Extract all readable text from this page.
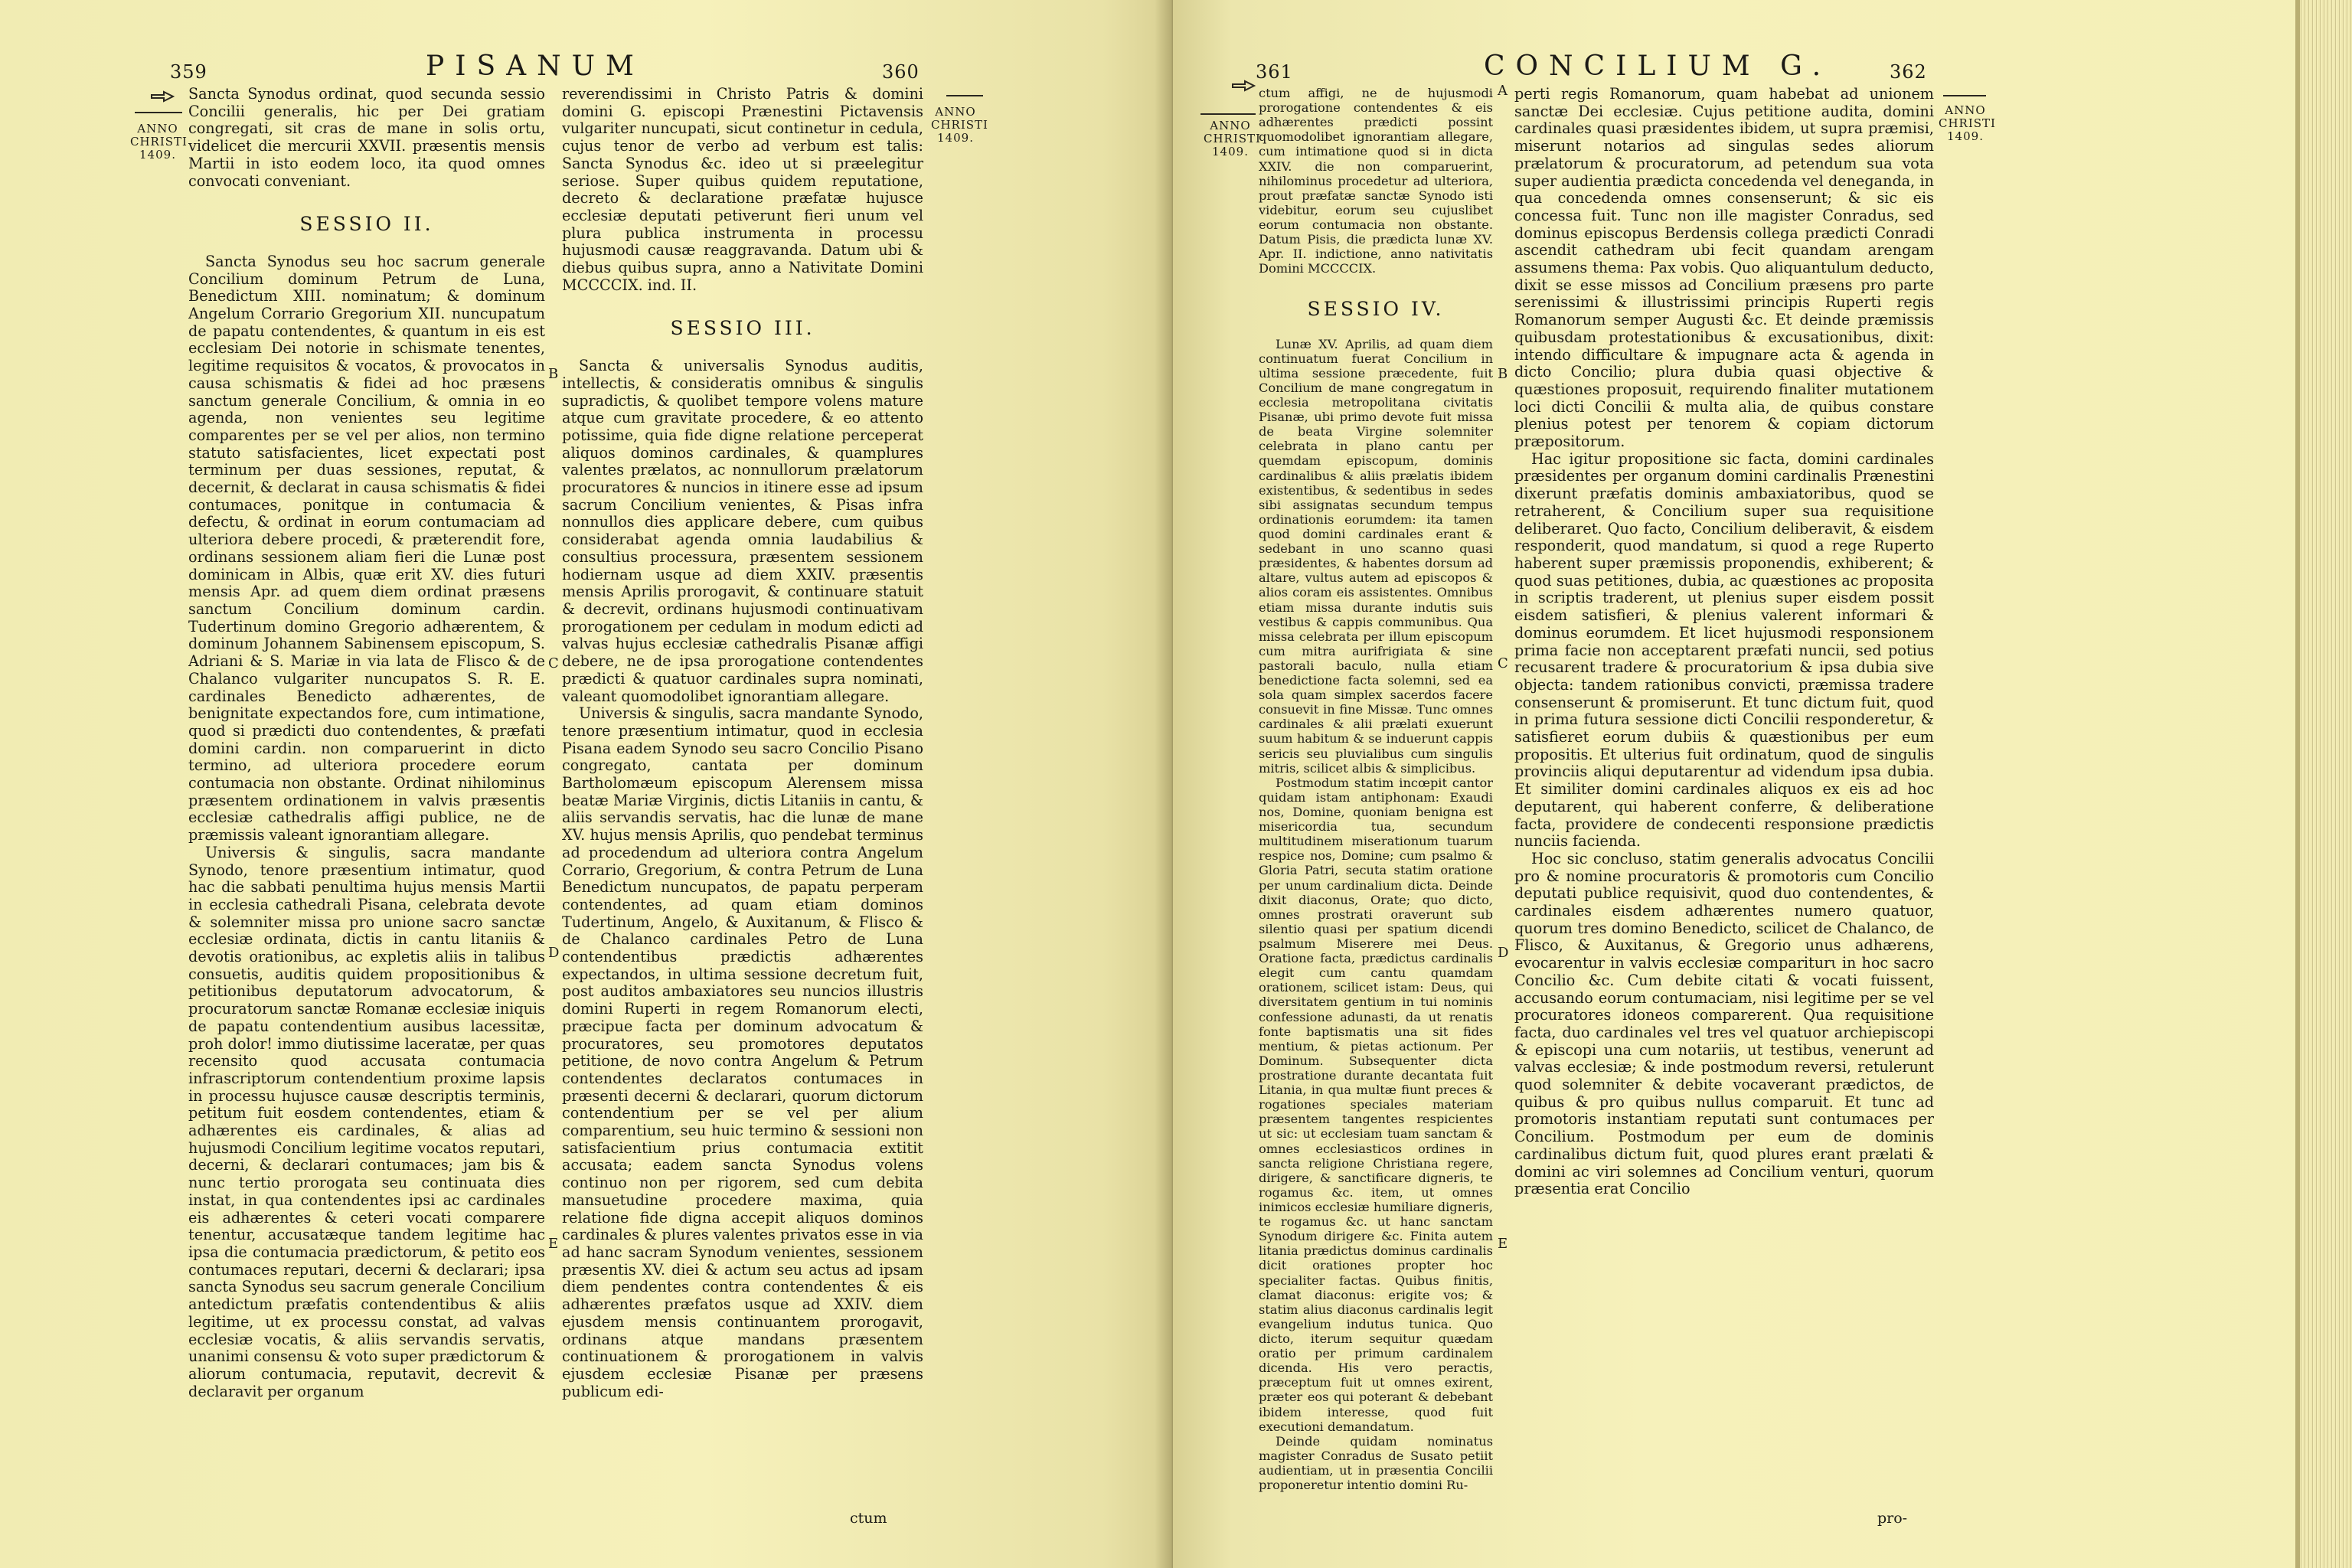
359	PISANUM	360
ANNO
CHRISTI
1409.
ANNO
CHRISTI
1409.
B
C
D
E

Sancta Synodus ordinat, quod secunda sessio Concilii generalis, hic per Dei gratiam congregati, sit cras de mane in solis ortu, videlicet die mercurii XXVII. præsentis mensis Martii in isto eodem loco, ita quod omnes convocati conveniant.

SESSIO II.

Sancta Synodus seu hoc sacrum generale Concilium dominum Petrum de Luna, Benedictum XIII. nominatum; & dominum Angelum Corrario Gregorium XII. nuncupatum de papatu contendentes, & quantum in eis est ecclesiam Dei notorie in schismate tenentes, legitime requisitos & vocatos, & provocatos in causa schismatis & fidei ad hoc præsens sanctum generale Concilium, & omnia in eo agenda, non venientes seu legitime comparentes per se vel per alios, non termino statuto satisfacientes, licet expectati post terminum per duas sessiones, reputat, & decernit, & declarat in causa schismatis & fidei contumaces, ponitque in contumacia & defectu, & ordinat in eorum contumaciam ad ulteriora debere procedi, & præterendit fore, ordinans sessionem aliam fieri die Lunæ post dominicam in Albis, quæ erit XV. dies futuri mensis Apr. ad quem diem ordinat præsens sanctum Concilium dominum cardin. Tudertinum domino Gregorio adhærentem, & dominum Johannem Sabinensem episcopum, S. Adriani & S. Mariæ in via lata de Flisco & de Chalanco vulgariter nuncupatos S. R. E. cardinales Benedicto adhærentes, de benignitate expectandos fore, cum intimatione, quod si prædicti duo contendentes, & præfati domini cardin. non comparuerint in dicto termino, ad ulteriora procedere eorum contumacia non obstante. Ordinat nihilominus præsentem ordinationem in valvis præsentis ecclesiæ cathedralis affigi publice, ne de præmissis valeant ignorantiam allegare.

Universis & singulis, sacra mandante Synodo, tenore præsentium intimatur, quod hac die sabbati penultima hujus mensis Martii in ecclesia cathedrali Pisana, celebrata devote & solemniter missa pro unione sacro sanctæ ecclesiæ ordinata, dictis in cantu litaniis & devotis orationibus, ac expletis aliis in talibus consuetis, auditis quidem propositionibus & petitionibus deputatorum advocatorum, & procuratorum sanctæ Romanæ ecclesiæ iniquis de papatu contendentium ausibus lacessitæ, proh dolor! immo diutissime laceratæ, per quas recensito quod accusata contumacia infrascriptorum contendentium proxime lapsis in processu hujusce causæ descriptis terminis, petitum fuit eosdem contendentes, etiam & adhærentes eis cardinales, & alias ad hujusmodi Concilium legitime vocatos reputari, decerni, & declarari contumaces; jam bis & nunc tertio prorogata seu continuata dies instat, in qua contendentes ipsi ac cardinales eis adhærentes & ceteri vocati comparere tenentur, accusatæque tandem legitime hac ipsa die contumacia prædictorum, & petito eos contumaces reputari, decerni & declarari; ipsa sancta Synodus seu sacrum generale Concilium antedictum præfatis contendentibus & aliis legitime, ut ex processu constat, ad valvas ecclesiæ vocatis, & aliis servandis servatis, unanimi consensu & voto super prædictorum & aliorum contumacia, reputavit, decrevit & declaravit per organum

reverendissimi in Christo Patris & domini domini G. episcopi Prænestini Pictavensis vulgariter nuncupati, sicut continetur in cedula, cujus tenor de verbo ad verbum est talis: Sancta Synodus &c. ideo ut si præelegitur seriose. Super quibus quidem reputatione, decreto & declaratione præfatæ hujusce ecclesiæ deputati petiverunt fieri unum vel plura publica instrumenta in processu hujusmodi causæ reaggravanda. Datum ubi & diebus quibus supra, anno a Nativitate Domini MCCCCIX. ind. II.

SESSIO III.

Sancta & universalis Synodus auditis, intellectis, & consideratis omnibus & singulis supradictis, & quolibet tempore volens mature atque cum gravitate procedere, & eo attento potissime, quia fide digne relatione perceperat aliquos dominos cardinales, & quamplures valentes prælatos, ac nonnullorum prælatorum procuratores & nuncios in itinere esse ad ipsum sacrum Concilium venientes, & Pisas infra nonnullos dies applicare debere, cum quibus considerabat agenda omnia laudabilius & consultius processura, præsentem sessionem hodiernam usque ad diem XXIV. præsentis mensis Aprilis prorogavit, & continuare statuit & decrevit, ordinans hujusmodi continuativam prorogationem per cedulam in modum edicti ad valvas hujus ecclesiæ cathedralis Pisanæ affigi debere, ne de ipsa prorogatione contendentes prædicti & quatuor cardinales supra nominati, valeant quomodolibet ignorantiam allegare.

Universis & singulis, sacra mandante Synodo, tenore præsentium intimatur, quod in ecclesia Pisana eadem Synodo seu sacro Concilio Pisano congregato, cantata per dominum Bartholomæum episcopum Alerensem missa beatæ Mariæ Virginis, dictis Litaniis in cantu, & aliis servandis servatis, hac die lunæ de mane XV. hujus mensis Aprilis, quo pendebat terminus ad procedendum ad ulteriora contra Angelum Corrario, Gregorium, & contra Petrum de Luna Benedictum nuncupatos, de papatu perperam contendentes, ad quam etiam dominos Tudertinum, Angelo, & Auxitanum, & Flisco & de Chalanco cardinales Petro de Luna contendentibus prædictis adhærentes expectandos, in ultima sessione decretum fuit, post auditos ambaxiatores seu nuncios illustris domini Ruperti in regem Romanorum electi, præcipue facta per dominum advocatum & procuratores, seu promotores deputatos petitione, de novo contra Angelum & Petrum contendentes declaratos contumaces in præsenti decerni & declarari, quorum dictorum contendentium per se vel per alium comparentium, seu huic termino & sessioni non satisfacientium prius contumacia extitit accusata; eadem sancta Synodus volens continuo non per rigorem, sed cum debita mansuetudine procedere maxima, quia relatione fide digna accepit aliquos dominos cardinales & plures valentes privatos esse in via ad hanc sacram Synodum venientes, sessionem præsentis XV. diei & actum seu actus ad ipsam diem pendentes contra contendentes & eis adhærentes præfatos usque ad XXIV. diem ejusdem mensis continuantem prorogavit, ordinans atque mandans præsentem continuationem & prorogationem in valvis ejusdem ecclesiæ Pisanæ per præsens publicum edi-

ctum
361	CONCILIUM G.	362
ANNO
CHRISTI
1409.
ANNO
CHRISTI
1409.
A
B
C
D
E

ctum affigi, ne de hujusmodi prorogatione contendentes & eis adhærentes prædicti possint quomodolibet ignorantiam allegare, cum intimatione quod si in dicta XXIV. die non comparuerint, nihilominus procedetur ad ulteriora, prout præfatæ sanctæ Synodo isti videbitur, eorum seu cujuslibet eorum contumacia non obstante. Datum Pisis, die prædicta lunæ XV. Apr. II. indictione, anno nativitatis Domini MCCCCIX.

SESSIO IV.

Lunæ XV. Aprilis, ad quam diem continuatum fuerat Concilium in ultima sessione præcedente, fuit Concilium de mane congregatum in ecclesia metropolitana civitatis Pisanæ, ubi primo devote fuit missa de beata Virgine solemniter celebrata in plano cantu per quemdam episcopum, dominis cardinalibus & aliis prælatis ibidem existentibus, & sedentibus in sedes sibi assignatas secundum tempus ordinationis eorumdem: ita tamen quod domini cardinales erant & sedebant in uno scanno quasi præsidentes, & habentes dorsum ad altare, vultus autem ad episcopos & alios coram eis assistentes. Omnibus etiam missa durante indutis suis vestibus & cappis communibus. Qua missa celebrata per illum episcopum cum mitra aurifrigiata & sine pastorali baculo, nulla etiam benedictione facta solemni, sed ea sola quam simplex sacerdos facere consuevit in fine Missæ. Tunc omnes cardinales & alii prælati exuerunt suum habitum & se induerunt cappis sericis seu pluvialibus cum singulis mitris, scilicet albis & simplicibus.

Postmodum statim incœpit cantor quidam istam antiphonam: Exaudi nos, Domine, quoniam benigna est misericordia tua, secundum multitudinem miserationum tuarum respice nos, Domine; cum psalmo & Gloria Patri, secuta statim oratione per unum cardinalium dicta. Deinde dixit diaconus, Orate; quo dicto, omnes prostrati oraverunt sub silentio quasi per spatium dicendi psalmum Miserere mei Deus. Oratione facta, prædictus cardinalis elegit cum cantu quamdam orationem, scilicet istam: Deus, qui diversitatem gentium in tui nominis confessione adunasti, da ut renatis fonte baptismatis una sit fides mentium, & pietas actionum. Per Dominum. Subsequenter dicta prostratione durante decantata fuit Litania, in qua multæ fiunt preces & rogationes speciales materiam præsentem tangentes respicientes ut sic: ut ecclesiam tuam sanctam & omnes ecclesiasticos ordines in sancta religione Christiana regere, dirigere, & sanctificare digneris, te rogamus &c. item, ut omnes inimicos ecclesiæ humiliare digneris, te rogamus &c. ut hanc sanctam Synodum dirigere &c. Finita autem litania prædictus dominus cardinalis dicit orationes propter hoc specialiter factas. Quibus finitis, clamat diaconus: erigite vos; & statim alius diaconus cardinalis legit evangelium indutus tunica. Quo dicto, iterum sequitur quædam oratio per primum cardinalem dicenda. His vero peractis, præceptum fuit ut omnes exirent, præter eos qui poterant & debebant ibidem interesse, quod fuit executioni demandatum.

Deinde quidam nominatus magister Conradus de Susato petiit audientiam, ut in præsentia Concilii proponeretur intentio domini Ru-

perti regis Romanorum, quam habebat ad unionem sanctæ Dei ecclesiæ. Cujus petitione audita, domini cardinales quasi præsidentes ibidem, ut supra præmisi, miserunt notarios ad singulas sedes aliorum prælatorum & procuratorum, ad petendum sua vota super audientia prædicta concedenda vel deneganda, in qua concedenda omnes consenserunt; & sic eis concessa fuit. Tunc non ille magister Conradus, sed dominus episcopus Berdensis collega prædicti Conradi ascendit cathedram ubi fecit quandam arengam assumens thema: Pax vobis. Quo aliquantulum deducto, dixit se esse missos ad Concilium præsens pro parte serenissimi & illustrissimi principis Ruperti regis Romanorum semper Augusti &c. Et deinde præmissis quibusdam protestationibus & excusationibus, dixit: intendo difficultare & impugnare acta & agenda in dicto Concilio; plura dubia quasi objective & quæstiones proposuit, requirendo finaliter mutationem loci dicti Concilii & multa alia, de quibus constare plenius potest per tenorem & copiam dictorum præpositorum.

Hac igitur propositione sic facta, domini cardinales præsidentes per organum domini cardinalis Prænestini dixerunt præfatis dominis ambaxiatoribus, quod se retraherent, & Concilium super sua requisitione deliberaret. Quo facto, Concilium deliberavit, & eisdem responderit, quod mandatum, si quod a rege Ruperto haberent super præmissis proponendis, exhiberent; & quod suas petitiones, dubia, ac quæstiones ac proposita in scriptis traderent, ut plenius super eisdem possit eisdem satisfieri, & plenius valerent informari & dominus eorumdem. Et licet hujusmodi responsionem prima facie non acceptarent præfati nuncii, sed potius recusarent tradere & procuratorium & ipsa dubia sive objecta: tandem rationibus convicti, præmissa tradere consenserunt & promiserunt. Et tunc dictum fuit, quod in prima futura sessione dicti Concilii responderetur, & satisfieret eorum dubiis & quæstionibus per eum propositis. Et ulterius fuit ordinatum, quod de singulis provinciis aliqui deputarentur ad videndum ipsa dubia. Et similiter domini cardinales aliquos ex eis ad hoc deputarent, qui haberent conferre, & deliberatione facta, providere de condecenti responsione prædictis nunciis facienda.

Hoc sic concluso, statim generalis advocatus Concilii pro & nomine procuratoris & promotoris cum Concilio deputati publice requisivit, quod duo contendentes, & cardinales eisdem adhærentes numero quatuor, quorum tres domino Benedicto, scilicet de Chalanco, de Flisco, & Auxitanus, & Gregorio unus adhærens, evocarentur in valvis ecclesiæ compariturι in hoc sacro Concilio &c. Cum debite citati & vocati fuissent, accusando eorum contumaciam, nisi legitime per se vel procuratores idoneos comparerent. Qua requisitione facta, duo cardinales vel tres vel quatuor archiepiscopi & episcopi una cum notariis, ut testibus, venerunt ad valvas ecclesiæ; & inde postmodum reversi, retulerunt quod solemniter & debite vocaverant prædictos, de quibus & pro quibus nullus comparuit. Et tunc ad promotoris instantiam reputati sunt contumaces per Concilium. Postmodum per eum de dominis cardinalibus dictum fuit, quod plures erant prælati & domini ac viri solemnes ad Concilium venturi, quorum præsentia erat Concilio

pro-
